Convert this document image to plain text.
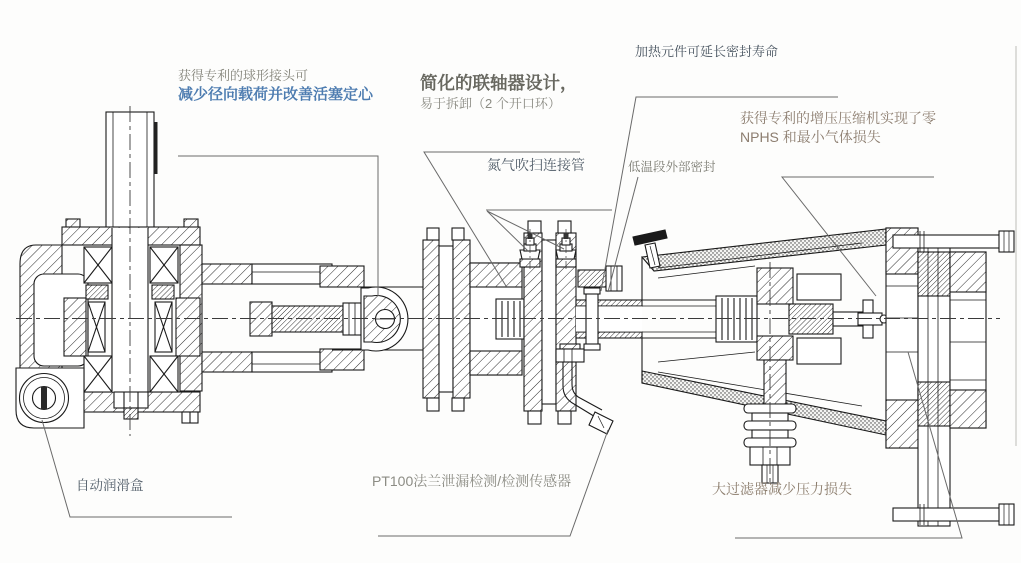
获得专利的球形接头可
减少径向载荷并改善活塞定心
简化的联轴器设计，
易于拆卸（2 个开口环）
加热元件可延长密封寿命
获得专利的增压压缩机实现了零
NPHS 和最小气体损失
氮气吹扫连接管	低温段外部密封
自动润滑盒	PT100法兰泄漏检测/检测传感器	大过滤器减少压力损失
